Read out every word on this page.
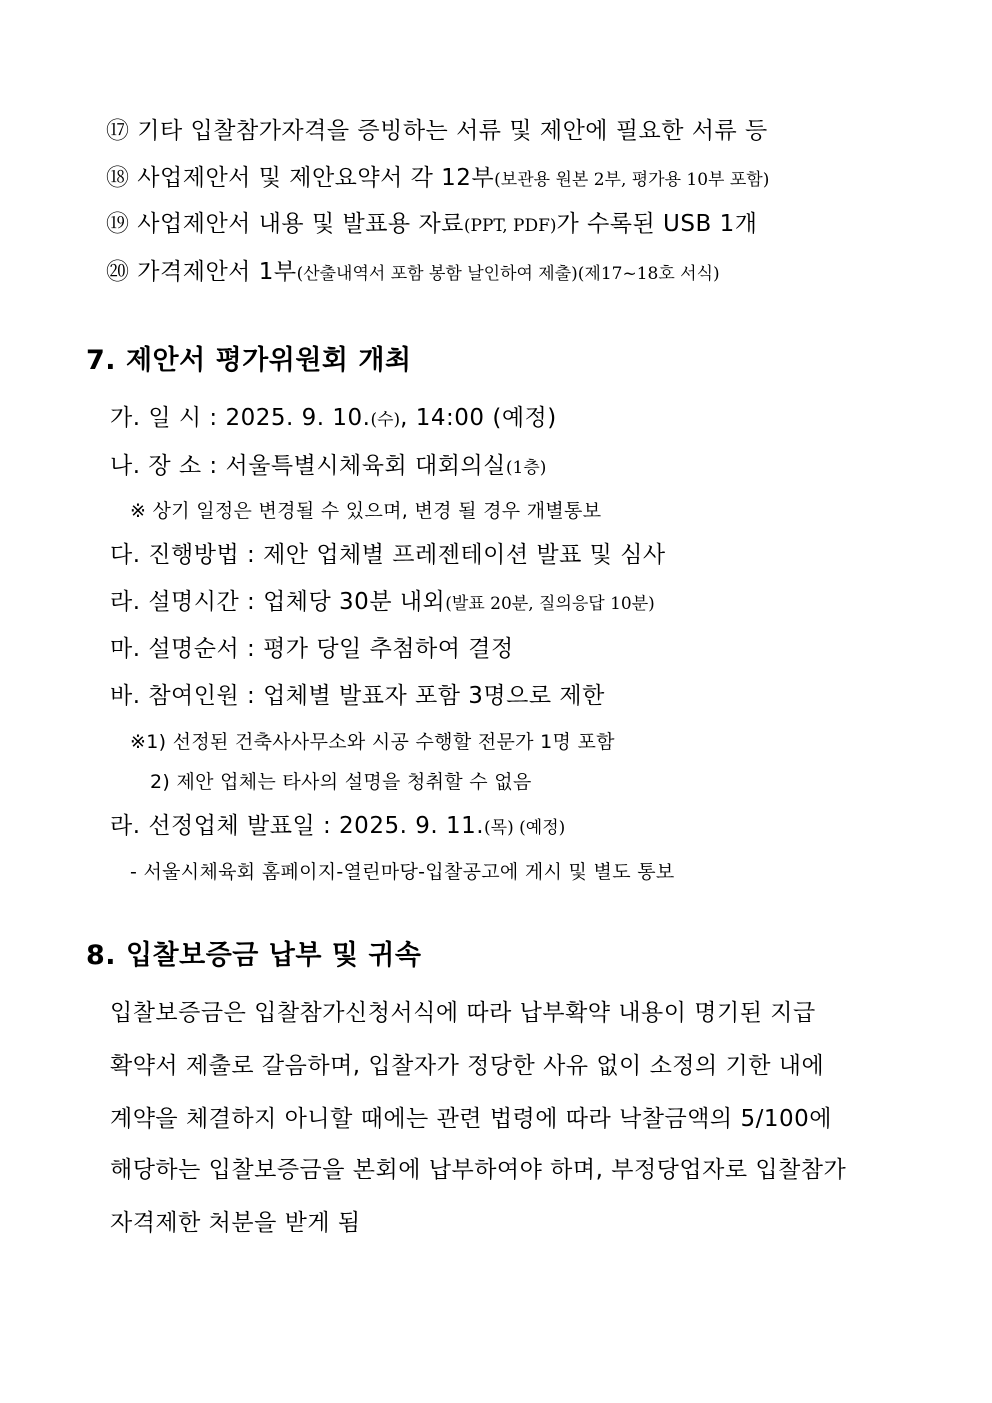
⑰ 기타 입찰참가자격을 증빙하는 서류 및 제안에 필요한 서류 등
⑱ 사업제안서 및 제안요약서 각 12부(보관용 원본 2부, 평가용 10부 포함)
⑲ 사업제안서 내용 및 발표용 자료(PPT, PDF)가 수록된 USB 1개
⑳ 가격제안서 1부(산출내역서 포함 봉함 날인하여 제출)(제17~18호 서식)
7. 제안서 평가위원회 개최
가. 일 시 : 2025. 9. 10.(수), 14:00 (예정)
나. 장 소 : 서울특별시체육회 대회의실(1층)
※ 상기 일정은 변경될 수 있으며, 변경 될 경우 개별통보
다. 진행방법 : 제안 업체별 프레젠테이션 발표 및 심사
라. 설명시간 : 업체당 30분 내외(발표 20분, 질의응답 10분)
마. 설명순서 : 평가 당일 추첨하여 결정
바. 참여인원 : 업체별 발표자 포함 3명으로 제한
※1) 선정된 건축사사무소와 시공 수행할 전문가 1명 포함
2) 제안 업체는 타사의 설명을 청취할 수 없음
라. 선정업체 발표일 : 2025. 9. 11.(목) (예정)
- 서울시체육회 홈페이지-열린마당-입찰공고에 게시 및 별도 통보
8. 입찰보증금 납부 및 귀속
입찰보증금은 입찰참가신청서식에 따라 납부확약 내용이 명기된 지급
확약서 제출로 갈음하며, 입찰자가 정당한 사유 없이 소정의 기한 내에
계약을 체결하지 아니할 때에는 관련 법령에 따라 낙찰금액의 5/100에
해당하는 입찰보증금을 본회에 납부하여야 하며, 부정당업자로 입찰참가
자격제한 처분을 받게 됨
